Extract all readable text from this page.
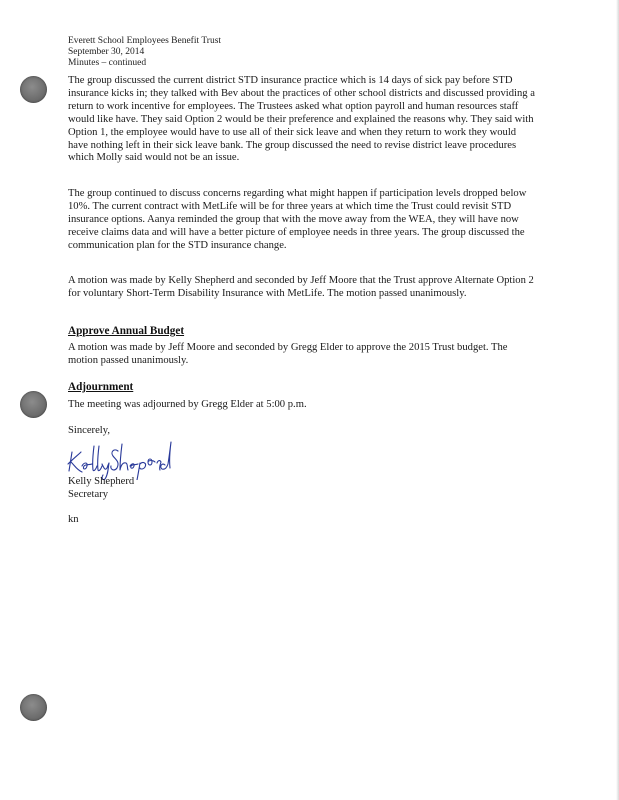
Everett School Employees Benefit Trust
September 30, 2014
Minutes – continued

The group discussed the current district STD insurance practice which is 14 days of sick pay before STD insurance kicks in; they talked with Bev about the practices of other school districts and discussed providing a return to work incentive for employees. The Trustees asked what option payroll and human resources staff would like have. They said Option 2 would be their preference and explained the reasons why. They said with Option 1, the employee would have to use all of their sick leave and when they return to work they would have nothing left in their sick leave bank. The group discussed the need to revise district leave procedures which Molly said would not be an issue.

The group continued to discuss concerns regarding what might happen if participation levels dropped below 10%. The current contract with MetLife will be for three years at which time the Trust could revisit STD insurance options. Aanya reminded the group that with the move away from the WEA, they will have now receive claims data and will have a better picture of employee needs in three years. The group discussed the communication plan for the STD insurance change.

A motion was made by Kelly Shepherd and seconded by Jeff Moore that the Trust approve Alternate Option 2 for voluntary Short-Term Disability Insurance with MetLife. The motion passed unanimously.

Approve Annual Budget

A motion was made by Jeff Moore and seconded by Gregg Elder to approve the 2015 Trust budget. The motion passed unanimously.

Adjournment

The meeting was adjourned by Gregg Elder at 5:00 p.m.

Sincerely,

Kelly Shepherd

Secretary

kn
